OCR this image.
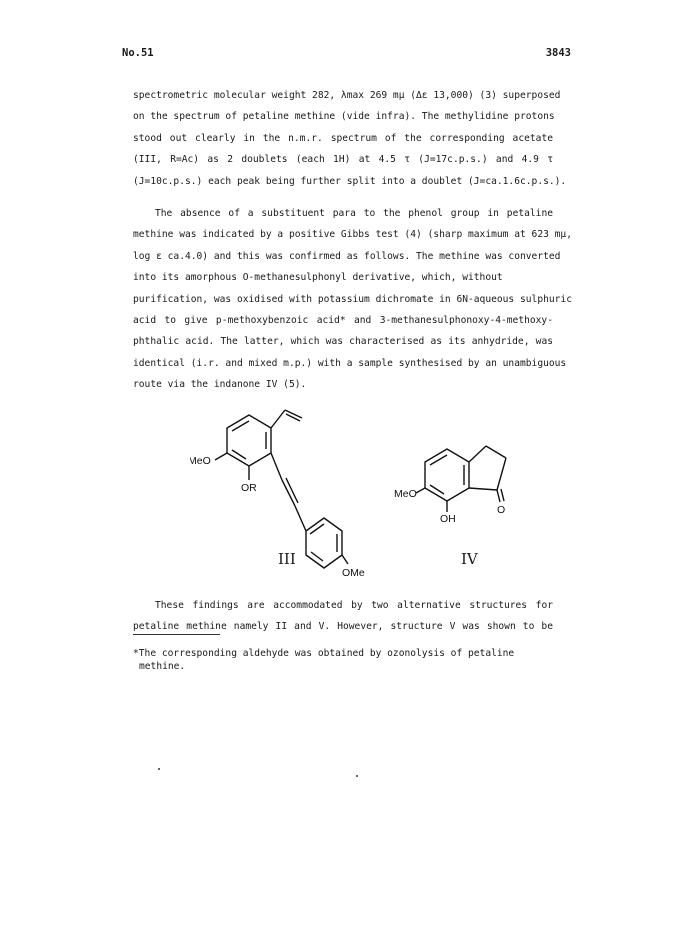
No.51	3843
spectrometric molecular weight 282, λmax 269 mμ (Δε 13,000) (3) superposed
on the spectrum of petaline methine (vide infra). The methylidine protons
stood out clearly in the n.m.r. spectrum of the corresponding acetate
(III, R=Ac) as 2 doublets (each 1H) at 4.5 τ (J=17c.p.s.) and 4.9 τ
(J=10c.p.s.) each peak being further split into a doublet (J=ca.1.6c.p.s.).
The absence of a substituent para to the phenol group in petaline
methine was indicated by a positive Gibbs test (4) (sharp maximum at 623 mμ,
log ε ca.4.0) and this was confirmed as follows. The methine was converted
into its amorphous O-methanesulphonyl derivative, which, without
purification, was oxidised with potassium dichromate in 6N-aqueous sulphuric
acid to give p-methoxybenzoic acid* and 3-methanesulphonoxy-4-methoxy-
phthalic acid. The latter, which was characterised as its anhydride, was
identical (i.r. and mixed m.p.) with a sample synthesised by an unambiguous
route via the indanone IV (5).
MeO
OR
OMe
MeO
OH
O
III	IV
These findings are accommodated by two alternative structures for
petaline methine namely II and V. However, structure V was shown to be
*The corresponding aldehyde was obtained by ozonolysis of petaline
methine.
